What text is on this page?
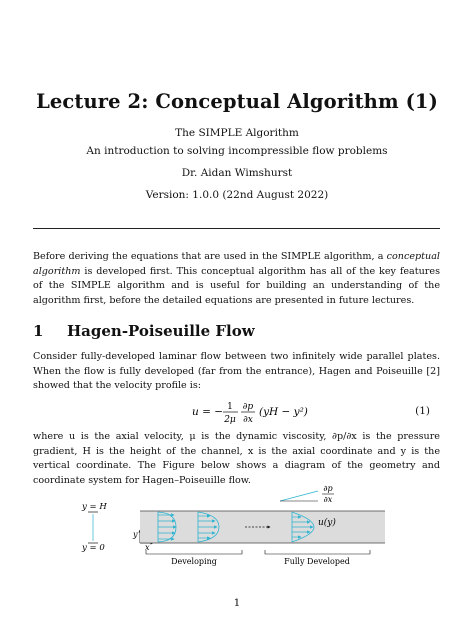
Lecture 2: Conceptual Algorithm (1)
The SIMPLE Algorithm
An introduction to solving incompressible flow problems
Dr. Aidan Wimshurst
Version: 1.0.0 (22nd August 2022)

Before deriving the equations that are used in the SIMPLE algorithm, a conceptual algorithm is developed first. This conceptual algorithm has all of the key features of the SIMPLE algorithm and is useful for building an understanding of the algorithm first, before the detailed equations are presented in future lectures.

1 Hagen-Poiseuille Flow

Consider fully-developed laminar flow between two infinitely wide parallel plates. When the flow is fully developed (far from the entrance), Hagen and Poiseuille [2] showed that the velocity profile is:

u = − 1
2μ
∂p
∂x
(yH − y²)	(1)

where u is the axial velocity, μ is the dynamic viscosity, ∂p/∂x is the pressure gradient, H is the height of the channel, x is the axial coordinate and y is the vertical coordinate. The Figure below shows a diagram of the geometry and coordinate system for Hagen–Poiseuille flow.

y = H
y = 0
y
x
u(y)
∂p
∂x
Developing	Fully Developed
1
